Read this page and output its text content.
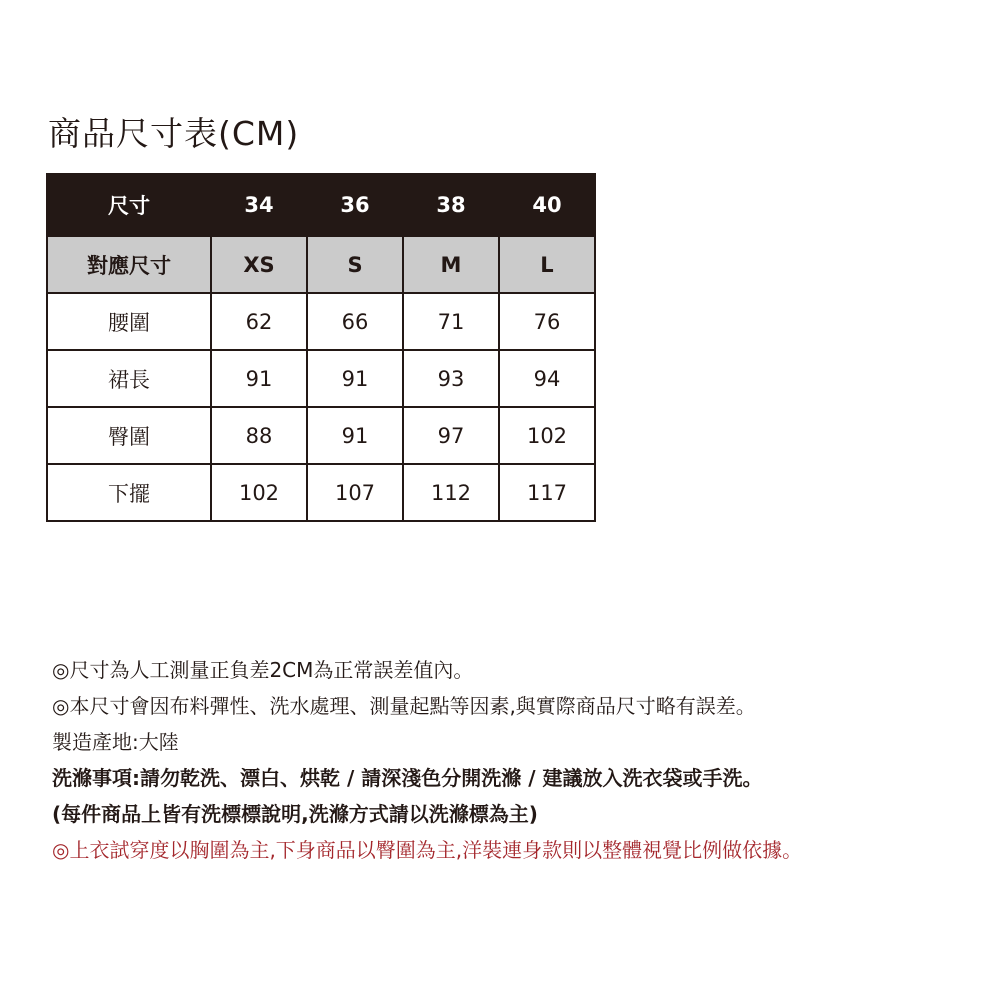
商品尺寸表(CM)
尺寸	34	36	38	40
對應尺寸	XS	S	M	L
腰圍	62	66	71	76
裙長	91	91	93	94
臀圍	88	91	97	102
下擺	102	107	112	117
◎尺寸為人工測量正負差2CM為正常誤差值內。
◎本尺寸會因布料彈性、洗水處理、測量起點等因素,與實際商品尺寸略有誤差。
製造產地:大陸
洗滌事項:請勿乾洗、漂白、烘乾 / 請深淺色分開洗滌 / 建議放入洗衣袋或手洗。
(每件商品上皆有洗標標說明,洗滌方式請以洗滌標為主)
◎上衣試穿度以胸圍為主,下身商品以臀圍為主,洋裝連身款則以整體視覺比例做依據。
